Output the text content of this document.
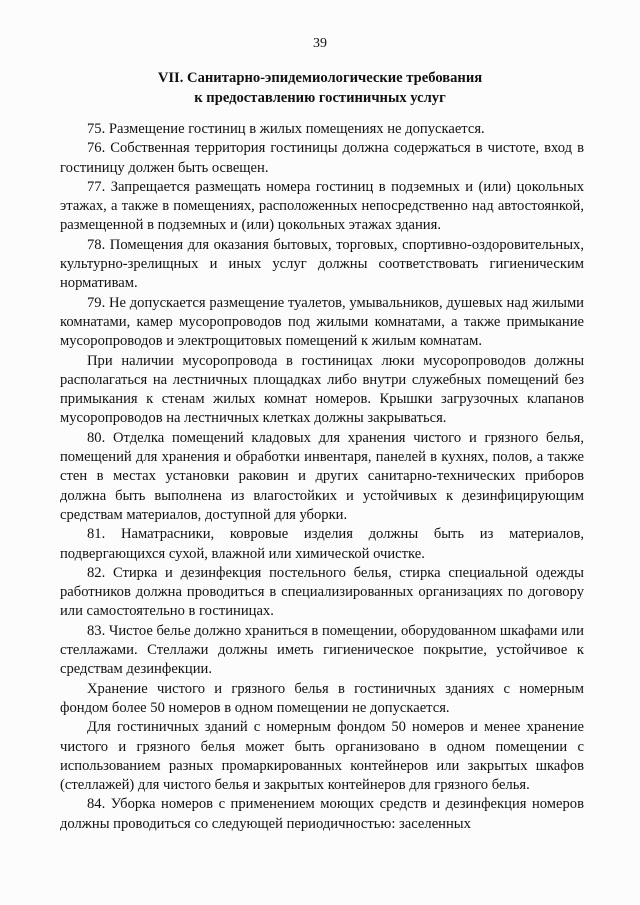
39
VII. Санитарно-эпидемиологические требования
к предоставлению гостиничных услуг

75. Размещение гостиниц в жилых помещениях не допускается.

76. Собственная территория гостиницы должна содержаться в чистоте, вход в гостиницу должен быть освещен.

77. Запрещается размещать номера гостиниц в подземных и (или) цокольных этажах, а также в помещениях, расположенных непосредственно над автостоянкой, размещенной в подземных и (или) цокольных этажах здания.

78. Помещения для оказания бытовых, торговых, спортивно-оздоровительных, культурно-зрелищных и иных услуг должны соответствовать гигиеническим нормативам.

79. Не допускается размещение туалетов, умывальников, душевых над жилыми комнатами, камер мусоропроводов под жилыми комнатами, а также примыкание мусоропроводов и электрощитовых помещений к жилым комнатам.

При наличии мусоропровода в гостиницах люки мусоропроводов должны располагаться на лестничных площадках либо внутри служебных помещений без примыкания к стенам жилых комнат номеров. Крышки загрузочных клапанов мусоропроводов на лестничных клетках должны закрываться.

80. Отделка помещений кладовых для хранения чистого и грязного белья, помещений для хранения и обработки инвентаря, панелей в кухнях, полов, а также стен в местах установки раковин и других санитарно-технических приборов должна быть выполнена из влагостойких и устойчивых к дезинфицирующим средствам материалов, доступной для уборки.

81. Наматрасники, ковровые изделия должны быть из материалов, подвергающихся сухой, влажной или химической очистке.

82. Стирка и дезинфекция постельного белья, стирка специальной одежды работников должна проводиться в специализированных организациях по договору или самостоятельно в гостиницах.

83. Чистое белье должно храниться в помещении, оборудованном шкафами или стеллажами. Стеллажи должны иметь гигиеническое покрытие, устойчивое к средствам дезинфекции.

Хранение чистого и грязного белья в гостиничных зданиях с номерным фондом более 50 номеров в одном помещении не допускается.

Для гостиничных зданий с номерным фондом 50 номеров и менее хранение чистого и грязного белья может быть организовано в одном помещении с использованием разных промаркированных контейнеров или закрытых шкафов (стеллажей) для чистого белья и закрытых контейнеров для грязного белья.

84. Уборка номеров с применением моющих средств и дезинфекция номеров должны проводиться со следующей периодичностью: заселенных
